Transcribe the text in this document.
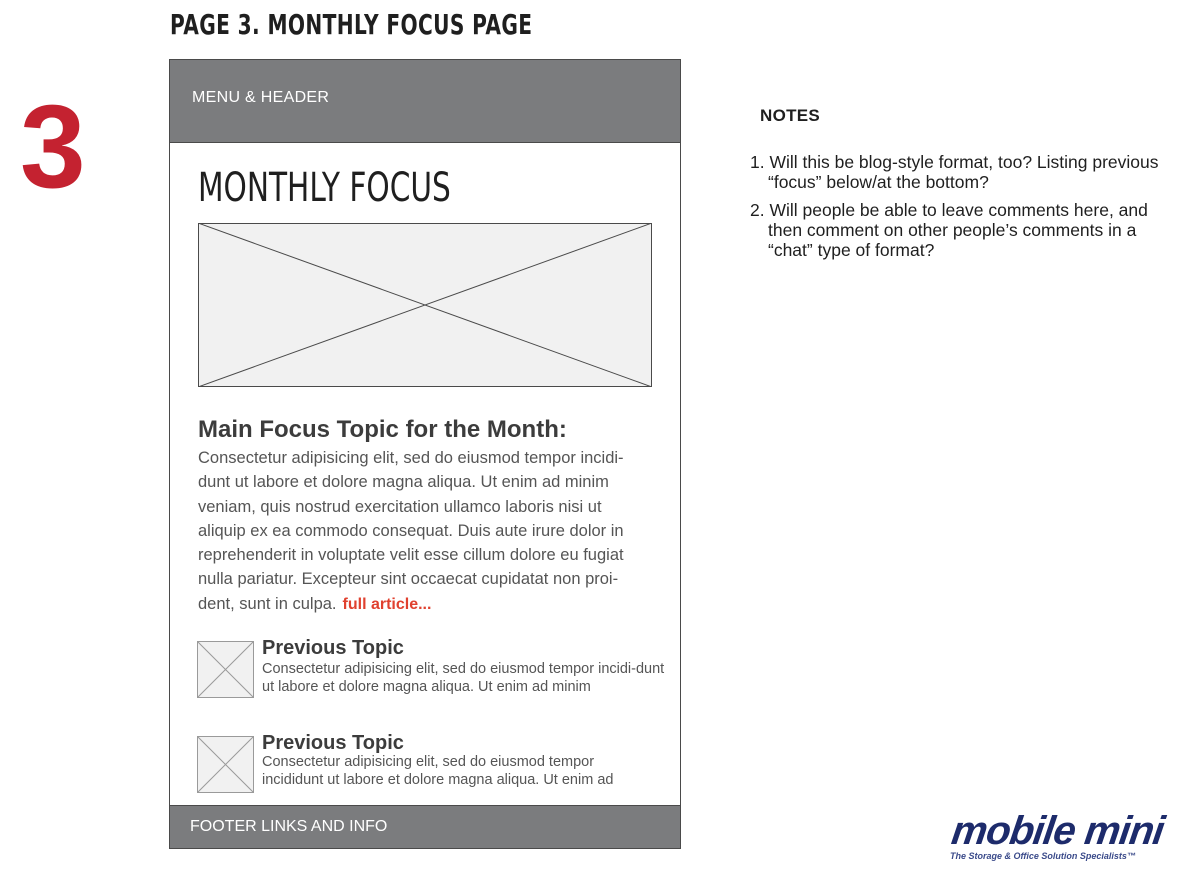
3
PAGE 3. MONTHLY FOCUS PAGE
MENU & HEADER
MONTHLY FOCUS
Main Focus Topic for the Month:
Consectetur adipisicing elit, sed do eiusmod tempor incidi-dunt ut labore et dolore magna aliqua. Ut enim ad minim veniam, quis nostrud exercitation ullamco laboris nisi ut aliquip ex ea commodo consequat. Duis aute irure dolor in reprehenderit in voluptate velit esse cillum dolore eu fugiat nulla pariatur. Excepteur sint occaecat cupidatat non proi-dent, sunt in culpa. full article...
Previous Topic
Consectetur adipisicing elit, sed do eiusmod tempor incidi-dunt ut labore et dolore magna aliqua. Ut enim ad minim
Previous Topic
Consectetur adipisicing elit, sed do eiusmod tempor incididunt ut labore et dolore magna aliqua. Ut enim ad
FOOTER LINKS AND INFO
NOTES
1. Will this be blog-style format, too? Listing previous “focus” below/at the bottom?
2. Will people be able to leave comments here, and then comment on other people’s comments in a “chat” type of format?
mobile mini
The Storage & Office Solution Specialists™
